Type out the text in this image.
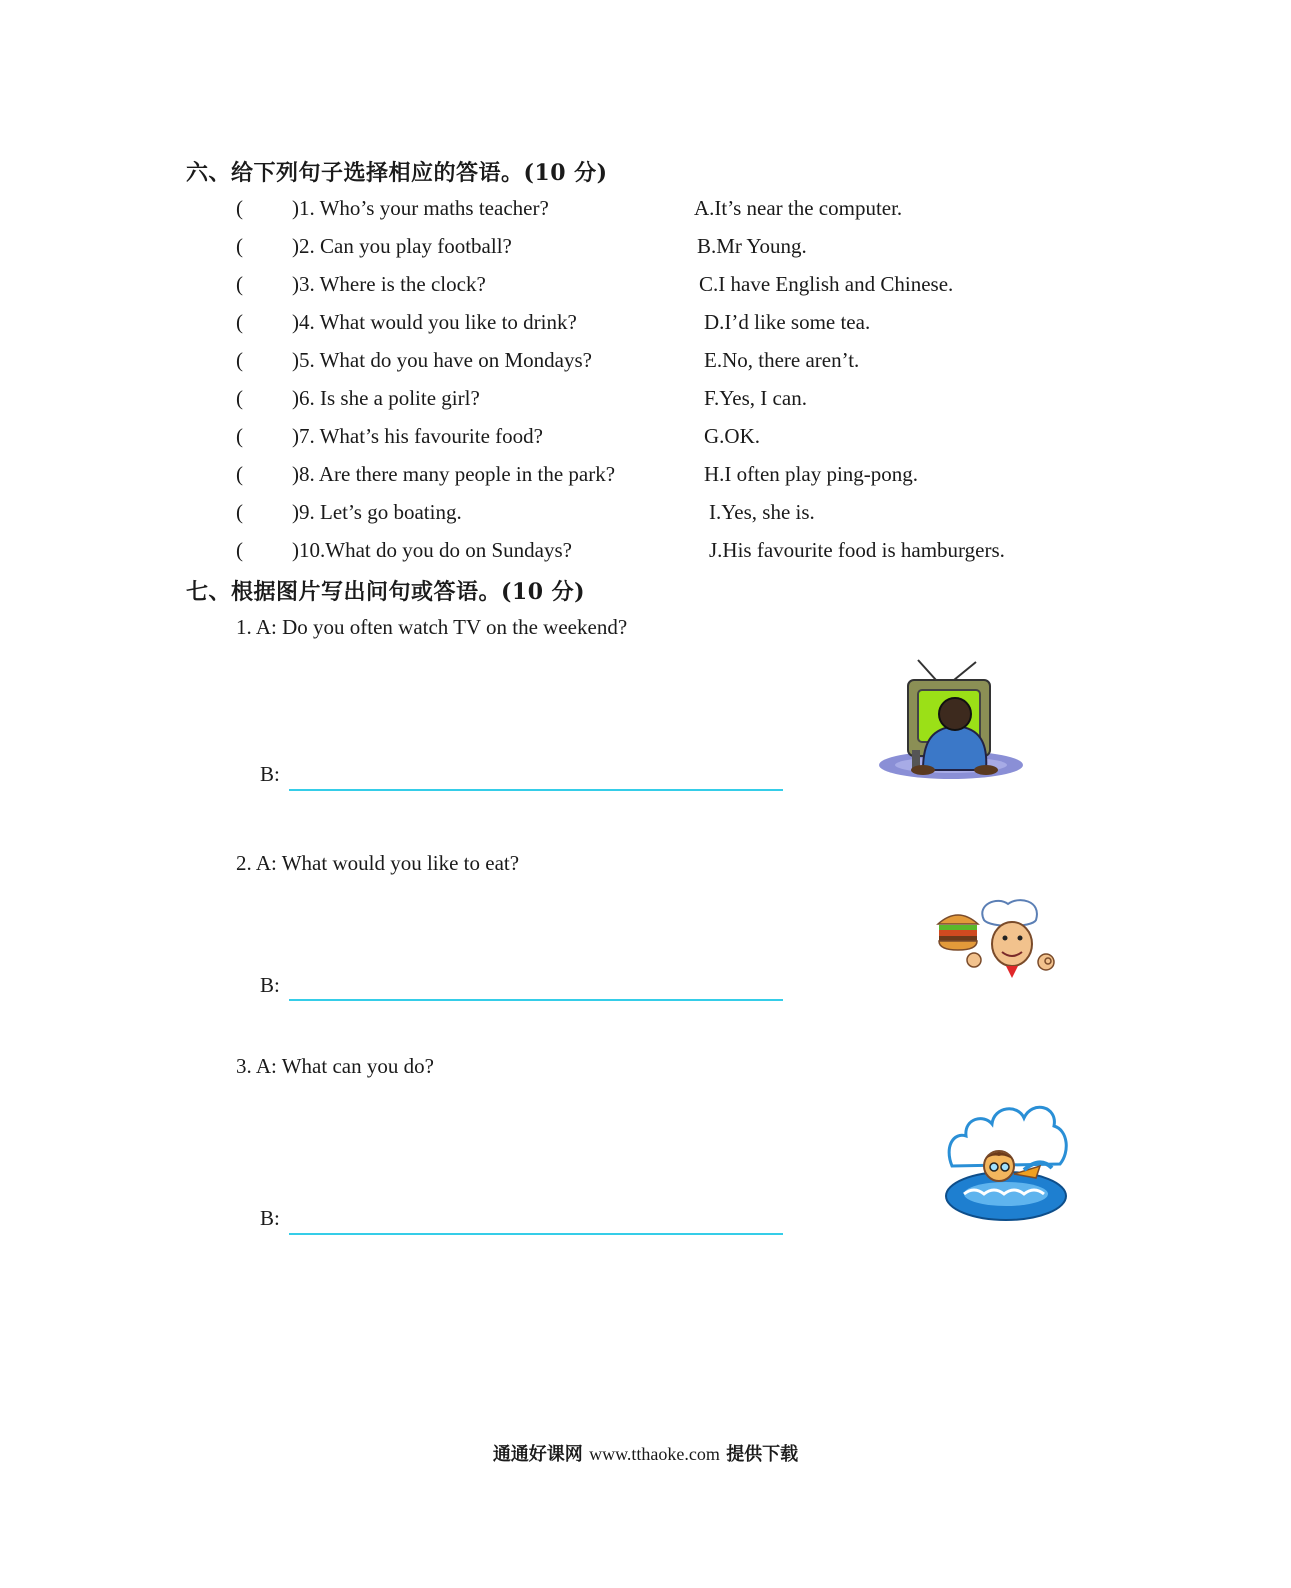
六、给下列句子选择相应的答语。(10 分)
( )1. Who’s your maths teacher?	A.It’s near the computer.
( )2. Can you play football?	B.Mr Young.
( )3. Where is the clock?	C.I have English and Chinese.
( )4. What would you like to drink?	D.I’d like some tea.
( )5. What do you have on Mondays?	E.No, there aren’t.
( )6. Is she a polite girl?	F.Yes, I can.
( )7. What’s his favourite food?	G.OK.
( )8. Are there many people in the park?	H.I often play ping-pong.
( )9. Let’s go boating.	I.Yes, she is.
( )10.What do you do on Sundays?	J.His favourite food is hamburgers.
七、根据图片写出问句或答语。(10 分)
1. A: Do you often watch TV on the weekend?
B:
2. A: What would you like to eat?
B:
3. A: What can you do?
B:
通通好课网 www.tthaoke.com 提供下载
